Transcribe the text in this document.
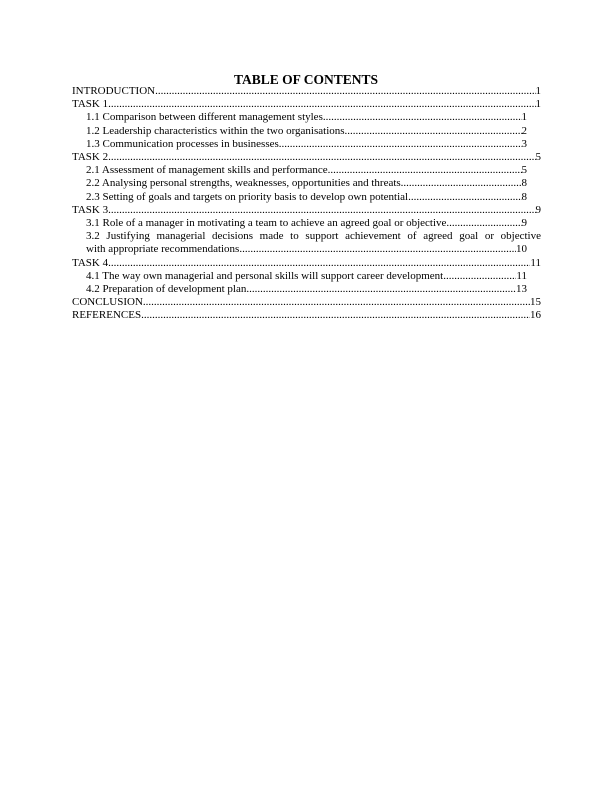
TABLE OF CONTENTS
INTRODUCTION .....	1
TASK 1 .....	1
1.1 Comparison between different management styles .....	1
1.2 Leadership characteristics within the two organisations .....	2
1.3 Communication processes in businesses .....	3
TASK 2 .....	5
2.1 Assessment of management skills and performance .....	5
2.2 Analysing personal strengths, weaknesses, opportunities and threats .....	8
2.3 Setting of goals and targets on priority basis to develop own potential .....	8
TASK 3 .....	9
3.1 Role of a manager in motivating a team to achieve an agreed goal or objective .....	9
3.2 Justifying managerial decisions made to support achievement of agreed goal or objective
with appropriate recommendations .....	10
TASK 4 .....	11
4.1 The way own managerial and personal skills will support career development .....	11
4.2 Preparation of development plan .....	13
CONCLUSION .....	15
REFERENCES .....	16
